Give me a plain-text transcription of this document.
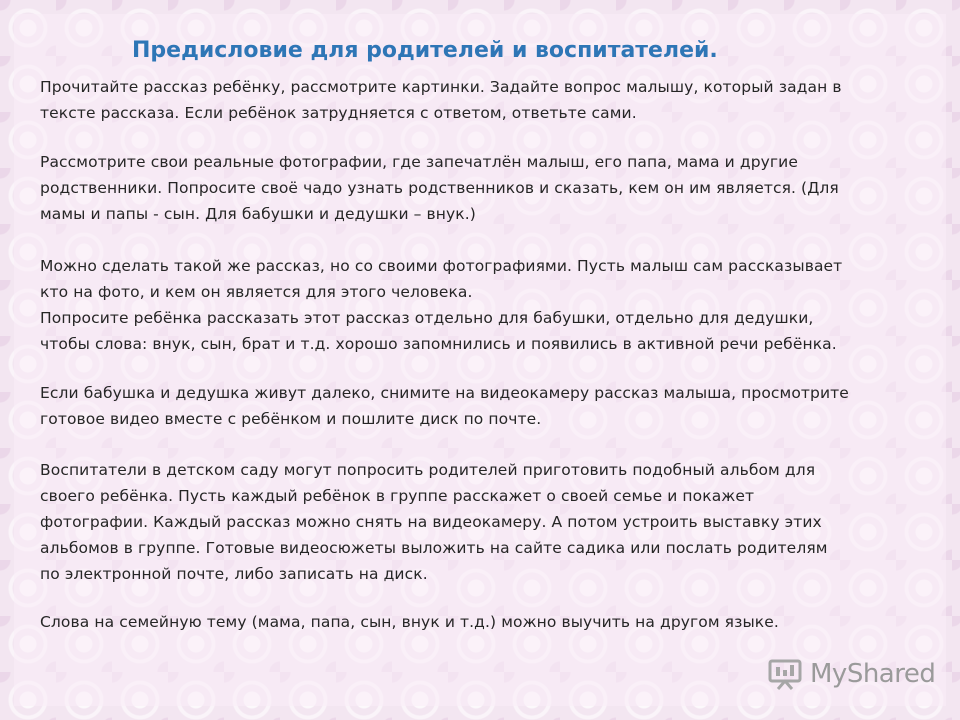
Предисловие для родителей и воспитателей.

Прочитайте рассказ ребёнку, рассмотрите картинки. Задайте вопрос малышу, который задан в
тексте рассказа. Если ребёнок затрудняется с ответом, ответьте сами.

Рассмотрите свои реальные фотографии, где запечатлён малыш, его папа, мама и другие
родственники. Попросите своё чадо узнать родственников и сказать, кем он им является. (Для
мамы и папы - сын. Для бабушки и дедушки – внук.)

Можно сделать такой же рассказ, но со своими фотографиями. Пусть малыш сам рассказывает
кто на фото, и кем он является для этого человека.
Попросите ребёнка рассказать этот рассказ отдельно для бабушки, отдельно для дедушки,
чтобы слова: внук, сын, брат и т.д. хорошо запомнились и появились в активной речи ребёнка.

Если бабушка и дедушка живут далеко, снимите на видеокамеру рассказ малыша, просмотрите
готовое видео вместе с ребёнком и пошлите диск по почте.

Воспитатели в детском саду могут попросить родителей приготовить подобный альбом для
своего ребёнка. Пусть каждый ребёнок в группе расскажет о своей семье и покажет
фотографии. Каждый рассказ можно снять на видеокамеру. А потом устроить выставку этих
альбомов в группе. Готовые видеосюжеты выложить на сайте садика или послать родителям
по электронной почте, либо записать на диск.

Слова на семейную тему (мама, папа, сын, внук и т.д.) можно выучить на другом языке.

MyShared
